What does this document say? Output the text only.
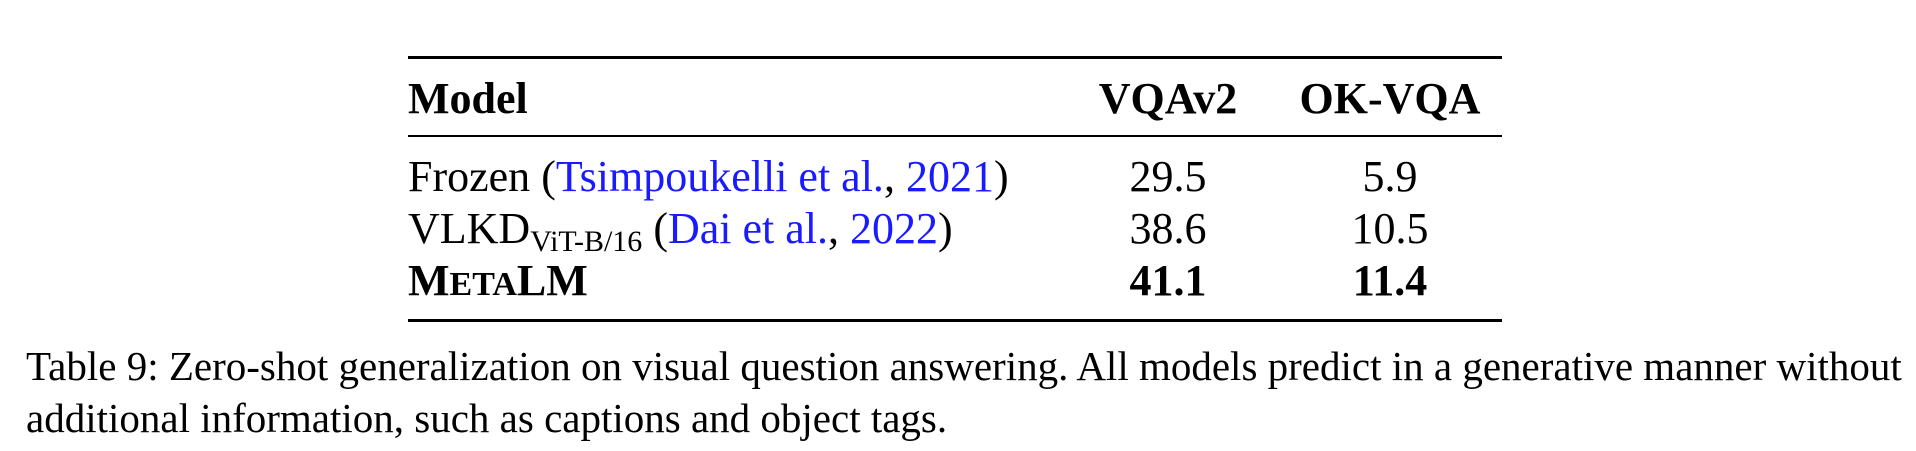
Model	VQAv2	OK-VQA
Frozen (Tsimpoukelli et al., 2021)	29.5	5.9
$VLKD_{ViT-B/16}$ (Dai et al., 2022)	38.6	10.5
METALM	41.1	11.4
Table 9: Zero-shot generalization on visual question answering. All models predict in a generative manner without additional information, such as captions and object tags.
